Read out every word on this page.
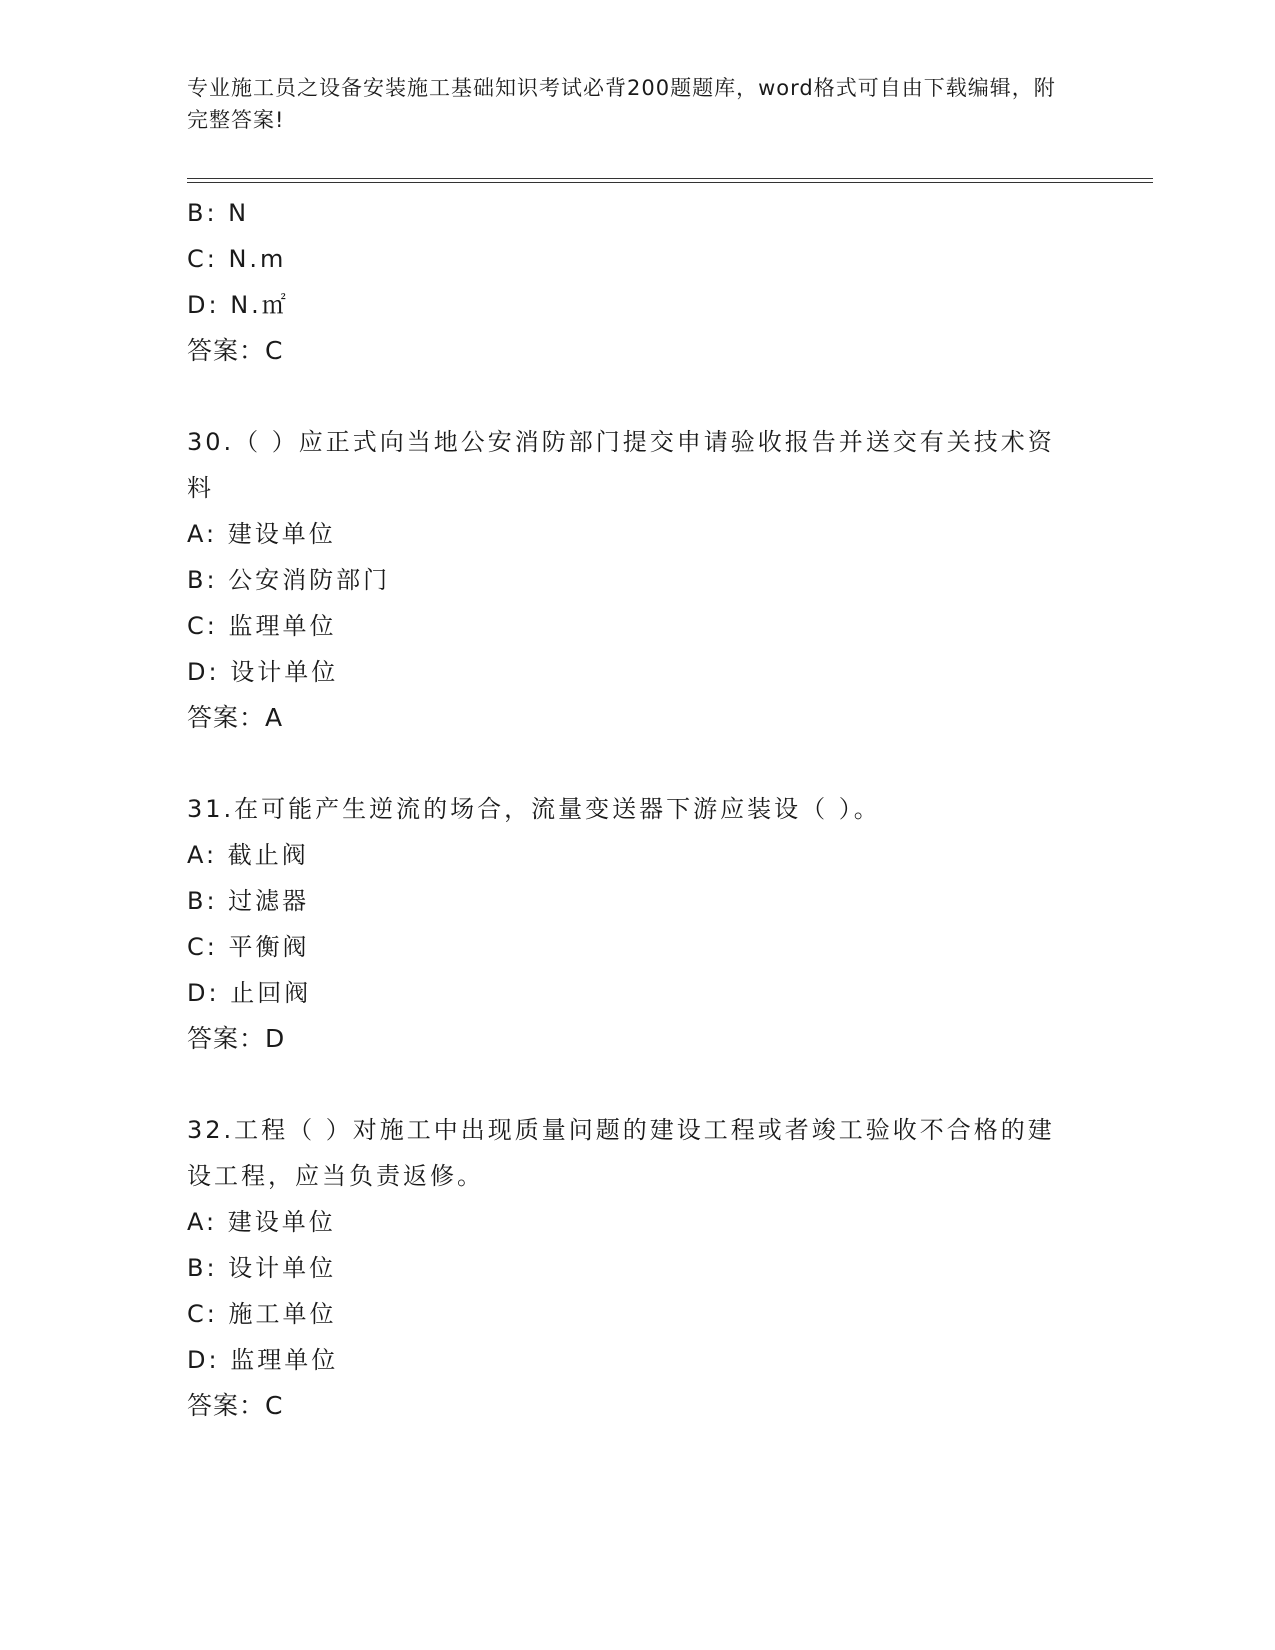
专业施工员之设备安装施工基础知识考试必背200题题库，word格式可自由下载编辑，附完整答案!
B: N
C: N.m
D: N.㎡
答案：C
30.（ ）应正式向当地公安消防部门提交申请验收报告并送交有关技术资料
A: 建设单位
B: 公安消防部门
C: 监理单位
D: 设计单位
答案：A
31.在可能产生逆流的场合，流量变送器下游应装设（ ）。
A: 截止阀
B: 过滤器
C: 平衡阀
D: 止回阀
答案：D
32.工程（ ）对施工中出现质量问题的建设工程或者竣工验收不合格的建设工程，应当负责返修。
A: 建设单位
B: 设计单位
C: 施工单位
D: 监理单位
答案：C
